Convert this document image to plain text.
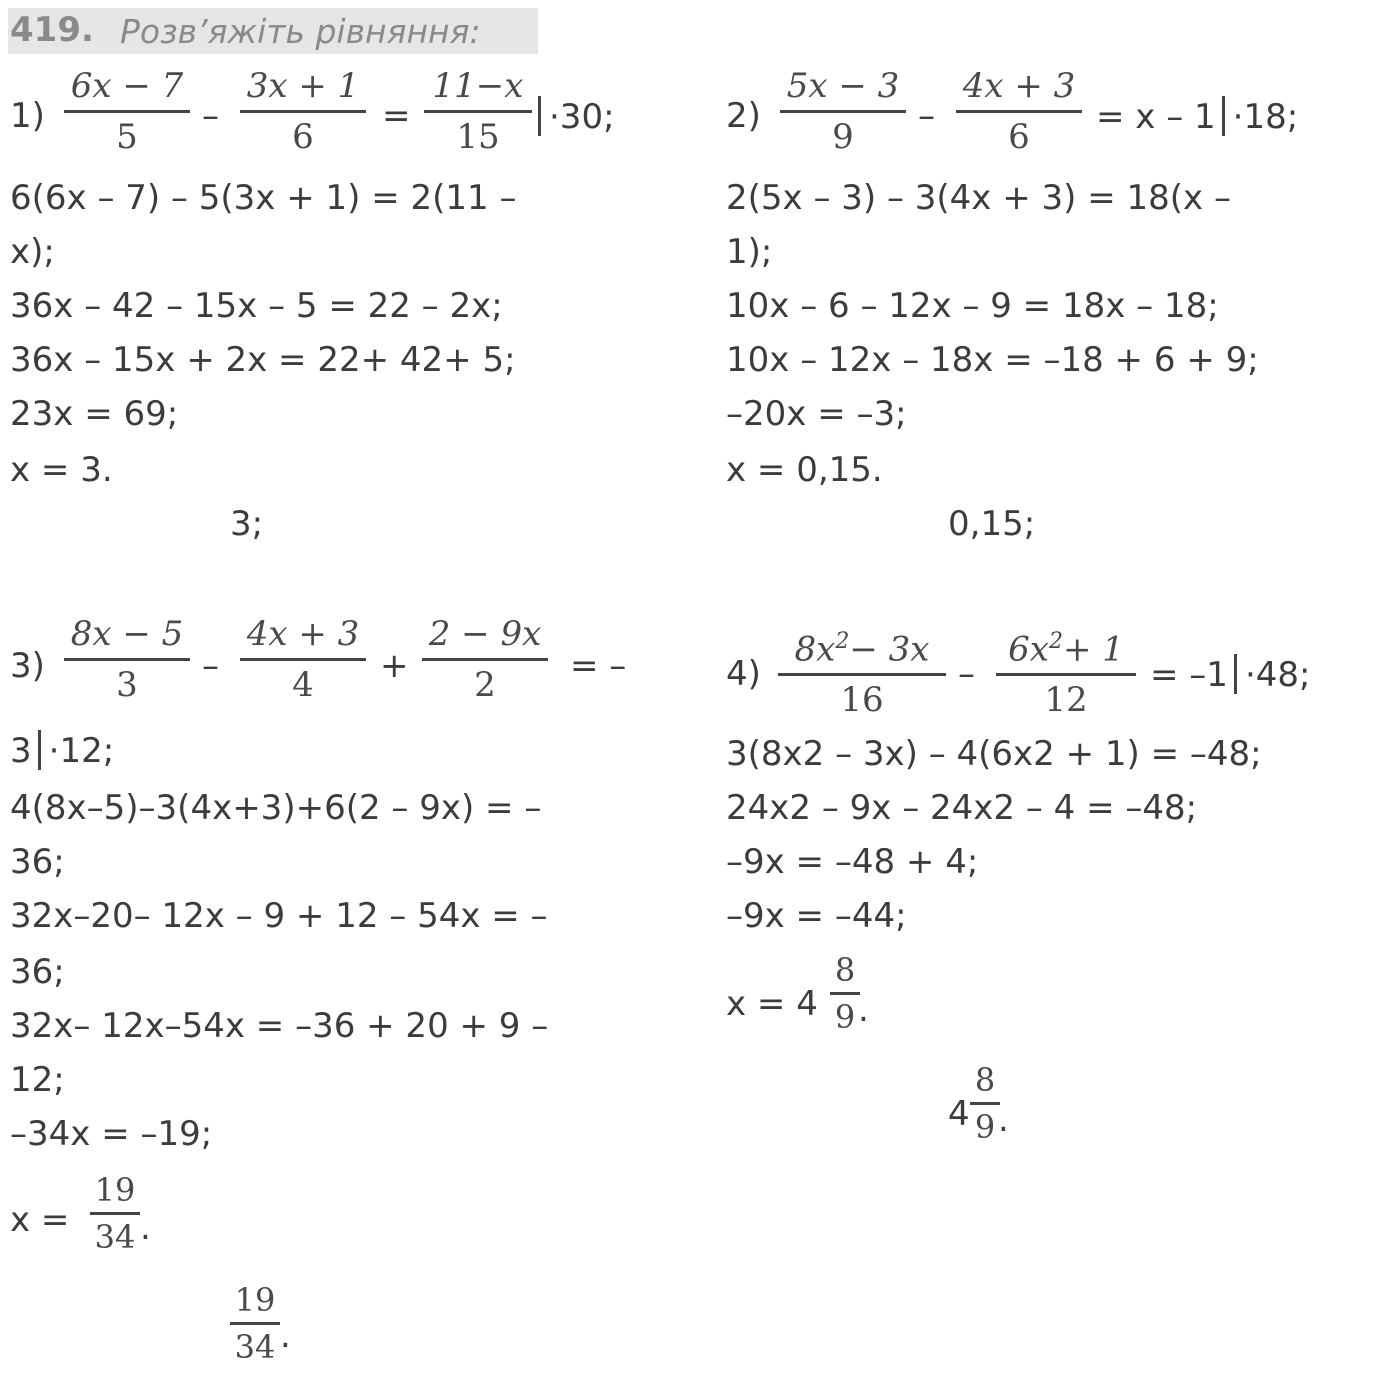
419. Розв’яжіть рівняння:
1)
6x − 7
5
–
3x + 1
6
=
11−x
15	·30;
6(6x – 7) – 5(3x + 1) = 2(11 –
x);
36x – 42 – 15x – 5 = 22 – 2x;
36x – 15x + 2x = 22+ 42+ 5;
23x = 69;
x = 3.
3;
2)
5x − 3
9
–
4x + 3
6	= x – 1 ·18;
2(5x – 3) – 3(4x + 3) = 18(x –
1);
10x – 6 – 12x – 9 = 18x – 18;
10x – 12x – 18x = –18 + 6 + 9;
–20x = –3;
x = 0,15.
0,15;
3)
8x − 5
3	–
4x + 3
4	+
2 − 9x
2	= –
3 ·12;
4(8x–5)–3(4x+3)+6(2 – 9x) = –
36;
32x–20– 12x – 9 + 12 – 54x = –
36;
32x– 12x–54x = –36 + 20 + 9 –
12;
–34x = –19;
x =
19
34 .
19
34 .
4)
$8x^2- 3x$
16
–
$6x^2+ 1$
12
= –1 ·48;
3(8x2 – 3x) – 4(6x2 + 1) = –48;
24x2 – 9x – 24x2 – 4 = –48;
–9x = –48 + 4;
–9x = –44;
x = 4
8
9 .
4
8
9 .
